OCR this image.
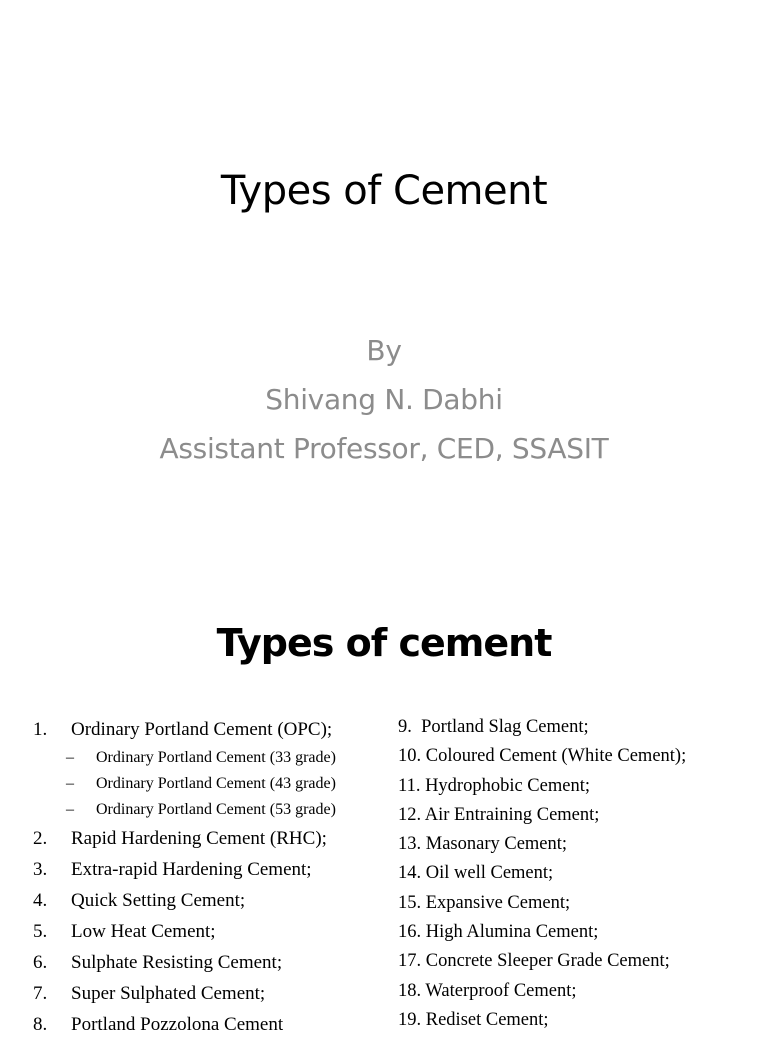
Types of Cement
By
Shivang N. Dabhi
Assistant Professor, CED, SSASIT
Types of cement
1. Ordinary Portland Cement (OPC);
– Ordinary Portland Cement (33 grade)
– Ordinary Portland Cement (43 grade)
– Ordinary Portland Cement (53 grade)
2. Rapid Hardening Cement (RHC);
3. Extra-rapid Hardening Cement;
4. Quick Setting Cement;
5. Low Heat Cement;
6. Sulphate Resisting Cement;
7. Super Sulphated Cement;
8. Portland Pozzolona Cement
9.  Portland Slag Cement;
10. Coloured Cement (White Cement);
11. Hydrophobic Cement;
12. Air Entraining Cement;
13. Masonary Cement;
14. Oil well Cement;
15. Expansive Cement;
16. High Alumina Cement;
17. Concrete Sleeper Grade Cement;
18. Waterproof Cement;
19. Rediset Cement;
